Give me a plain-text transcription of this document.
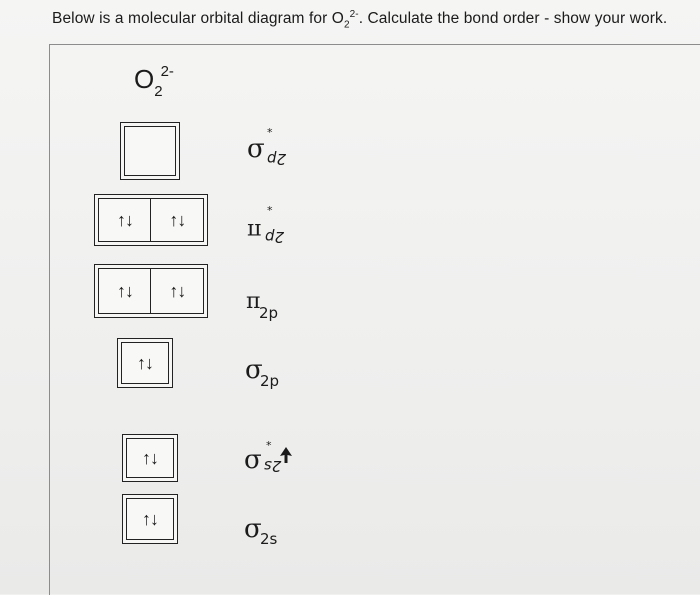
Below is a molecular orbital diagram for $O_2^{2-}$. Calculate the bond order - show your work.
$O_2^{2-}$
σ
*
2p
↑↓	↑↓	π
*
2p
↑↓	↑↓	π
2p
↑↓	σ
2p
↑↓	σ *
2s
↑↓	σ
2s
